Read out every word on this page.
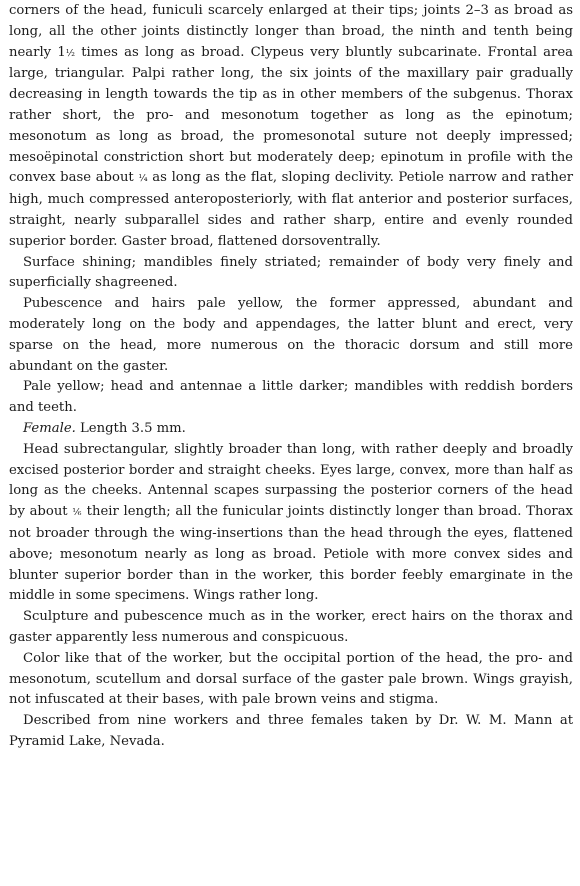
corners of the head, funiculi scarcely enlarged at their tips; joints 2–3 as broad as long, all the other joints distinctly longer than broad, the ninth and tenth being nearly 1½ times as long as broad. Clypeus very bluntly subcarinate. Frontal area large, triangular. Palpi rather long, the six joints of the maxillary pair gradually decreasing in length towards the tip as in other members of the subgenus. Thorax rather short, the pro- and mesonotum together as long as the epinotum; mesonotum as long as broad, the promesonotal suture not deeply impressed; mesoëpinotal constriction short but moderately deep; epinotum in profile with the convex base about ¼ as long as the flat, sloping declivity. Petiole narrow and rather high, much compressed anteroposteriorly, with flat anterior and posterior surfaces, straight, nearly subparallel sides and rather sharp, entire and evenly rounded superior border. Gaster broad, flattened dorsoventrally.

Surface shining; mandibles finely striated; remainder of body very finely and superficially shagreened.

Pubescence and hairs pale yellow, the former appressed, abundant and moderately long on the body and appendages, the latter blunt and erect, very sparse on the head, more numerous on the thoracic dorsum and still more abundant on the gaster.

Pale yellow; head and antennae a little darker; mandibles with reddish borders and teeth.

Female. Length 3.5 mm.

Head subrectangular, slightly broader than long, with rather deeply and broadly excised posterior border and straight cheeks. Eyes large, convex, more than half as long as the cheeks. Antennal scapes surpassing the posterior corners of the head by about ⅙ their length; all the funicular joints distinctly longer than broad. Thorax not broader through the wing-insertions than the head through the eyes, flattened above; mesonotum nearly as long as broad. Petiole with more convex sides and blunter superior border than in the worker, this border feebly emarginate in the middle in some specimens. Wings rather long.

Sculpture and pubescence much as in the worker, erect hairs on the thorax and gaster apparently less numerous and conspicuous.

Color like that of the worker, but the occipital portion of the head, the pro- and mesonotum, scutellum and dorsal surface of the gaster pale brown. Wings grayish, not infuscated at their bases, with pale brown veins and stigma.

Described from nine workers and three females taken by Dr. W. M. Mann at Pyramid Lake, Nevada.
